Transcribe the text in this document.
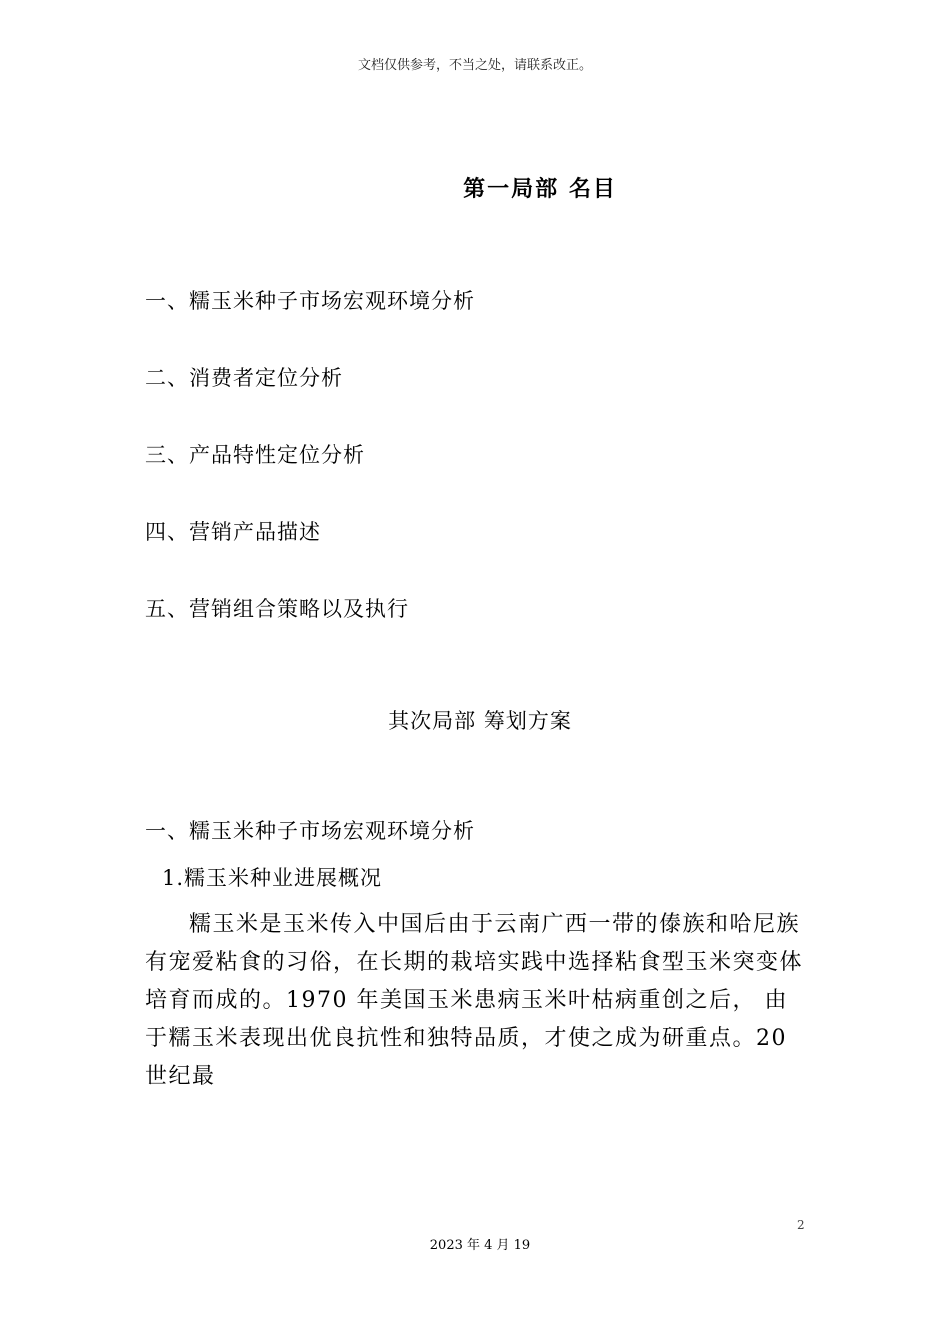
文档仅供参考，不当之处，请联系改正。
第一局部 名目
一、糯玉米种子市场宏观环境分析
二、消费者定位分析
三、产品特性定位分析
四、营销产品描述
五、营销组合策略以及执行
其次局部 筹划方案
一、糯玉米种子市场宏观环境分析
1.糯玉米种业进展概况
糯玉米是玉米传入中国后由于云南广西一带的傣族和哈尼族有宠爱粘食的习俗，在长期的栽培实践中选择粘食型玉米突变体培育而成的。1970 年美国玉米患病玉米叶枯病重创之后， 由于糯玉米表现出优良抗性和独特品质，才使之成为研重点。20 世纪最
2
2023 年 4 月 19
